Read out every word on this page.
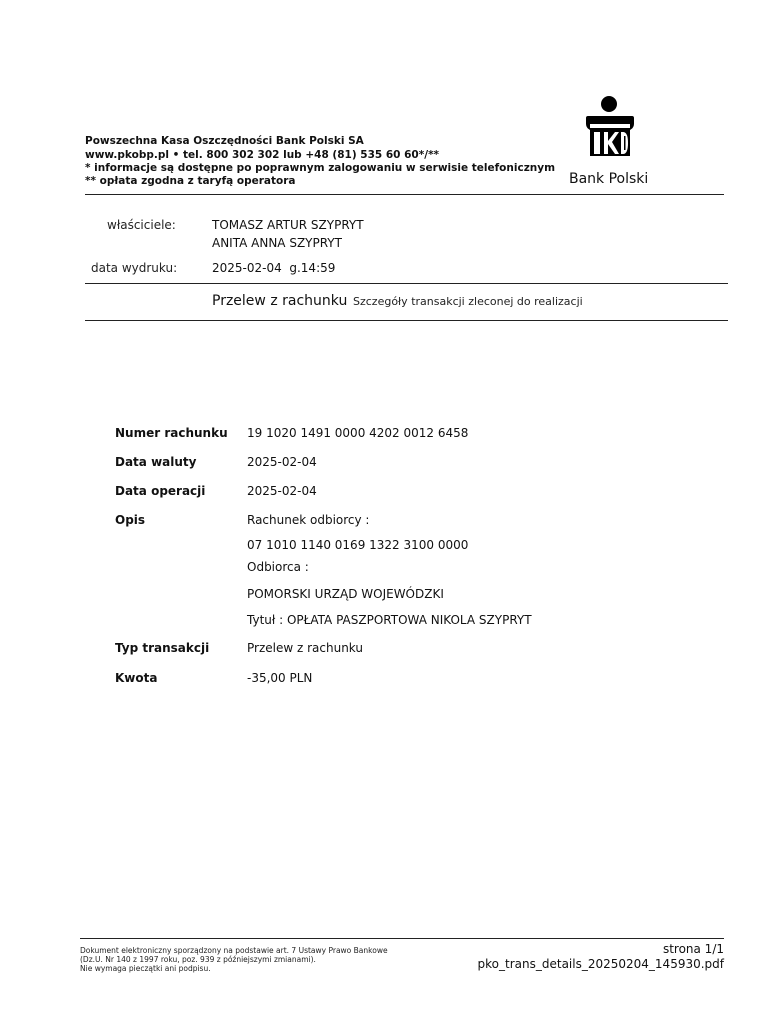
Powszechna Kasa Oszczędności Bank Polski SA
www.pkobp.pl • tel. 800 302 302 lub +48 (81) 535 60 60*/**
* informacje są dostępne po poprawnym zalogowaniu w serwisie telefonicznym
** opłata zgodna z taryfą operatora	Bank Polski
właściciele:	TOMASZ ARTUR SZYPRYT
ANITA ANNA SZYPRYT
data wydruku:	2025-02-04  g.14:59
Przelew z rachunku Szczegóły transakcji zleconej do realizacji
Numer rachunku 19 1020 1491 0000 4202 0012 6458
Data waluty	2025-02-04
Data operacji	2025-02-04
Opis	Rachunek odbiorcy :
07 1010 1140 0169 1322 3100 0000
Odbiorca :
POMORSKI URZĄD WOJEWÓDZKI
Tytuł : OPŁATA PASZPORTOWA NIKOLA SZYPRYT
Typ transakcji	Przelew z rachunku
Kwota	-35,00 PLN
Dokument elektroniczny sporządzony na podstawie art. 7 Ustawy Prawo Bankowe
(Dz.U. Nr 140 z 1997 roku, poz. 939 z późniejszymi zmianami).
Nie wymaga pieczątki ani podpisu.
strona 1/1
pko_trans_details_20250204_145930.pdf
